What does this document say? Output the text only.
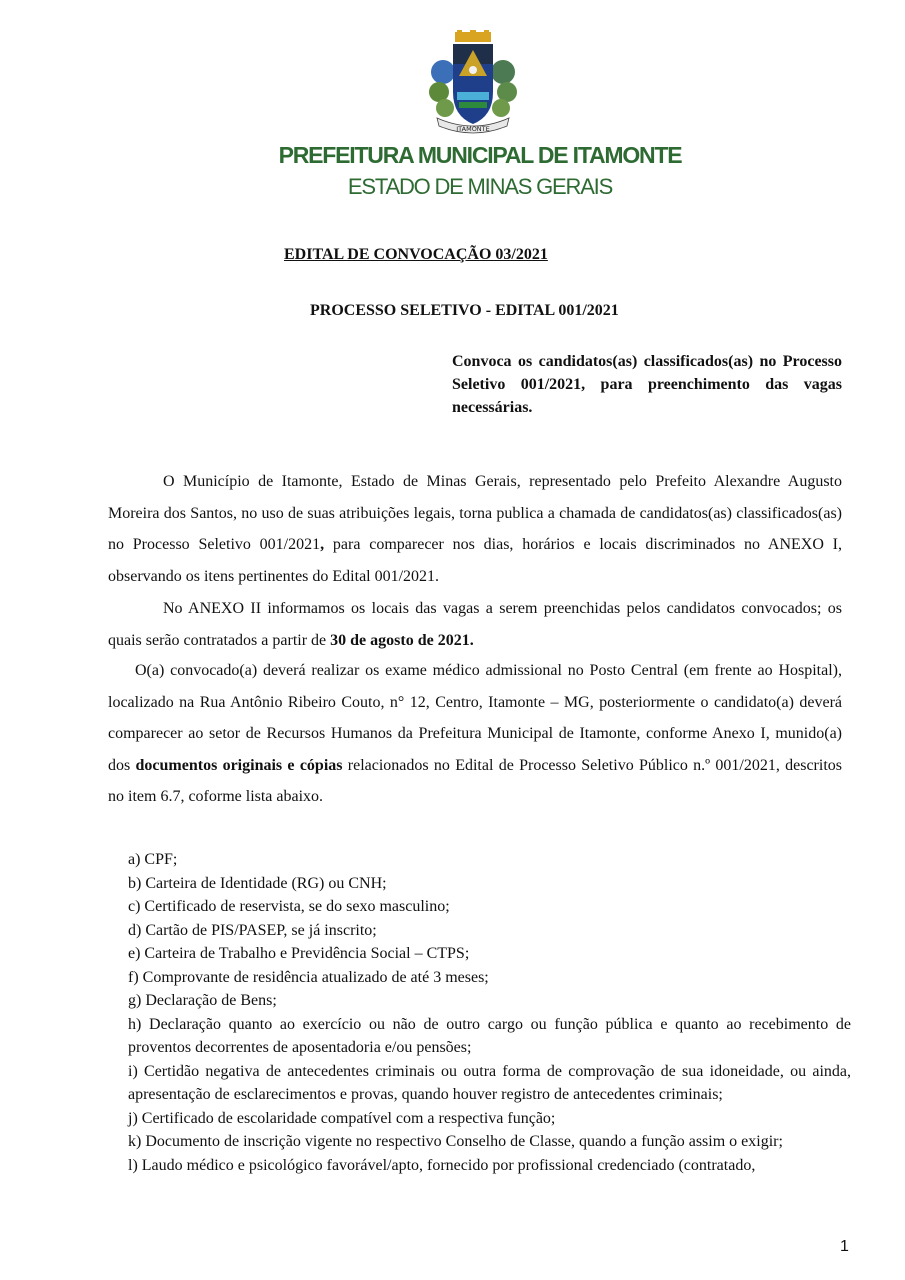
ITAMONTE
PREFEITURA MUNICIPAL DE ITAMONTE
ESTADO DE MINAS GERAIS
EDITAL DE CONVOCAÇÃO 03/2021
PROCESSO SELETIVO - EDITAL 001/2021
Convoca os candidatos(as) classificados(as) no Processo Seletivo 001/2021, para preenchimento das vagas necessárias.
O Município de Itamonte, Estado de Minas Gerais, representado pelo Prefeito Alexandre Augusto Moreira dos Santos, no uso de suas atribuições legais, torna publica a chamada de candidatos(as) classificados(as) no Processo Seletivo 001/2021, para comparecer nos dias, horários e locais discriminados no ANEXO I, observando os itens pertinentes do Edital 001/2021.
No ANEXO II informamos os locais das vagas a serem preenchidas pelos candidatos convocados; os quais serão contratados a partir de 30 de agosto de 2021.
O(a) convocado(a) deverá realizar os exame médico admissional no Posto Central (em frente ao Hospital), localizado na Rua Antônio Ribeiro Couto, n° 12, Centro, Itamonte – MG, posteriormente o candidato(a) deverá comparecer ao setor de Recursos Humanos da Prefeitura Municipal de Itamonte, conforme Anexo I, munido(a) dos documentos originais e cópias relacionados no Edital de Processo Seletivo Público n.º 001/2021, descritos no item 6.7, coforme lista abaixo.
a) CPF;
b) Carteira de Identidade (RG) ou CNH;
c) Certificado de reservista, se do sexo masculino;
d) Cartão de PIS/PASEP, se já inscrito;
e) Carteira de Trabalho e Previdência Social – CTPS;
f) Comprovante de residência atualizado de até 3 meses;
g) Declaração de Bens;
h) Declaração quanto ao exercício ou não de outro cargo ou função pública e quanto ao recebimento de proventos decorrentes de aposentadoria e/ou pensões;
i) Certidão negativa de antecedentes criminais ou outra forma de comprovação de sua idoneidade, ou ainda, apresentação de esclarecimentos e provas, quando houver registro de antecedentes criminais;
j) Certificado de escolaridade compatível com a respectiva função;
k) Documento de inscrição vigente no respectivo Conselho de Classe, quando a função assim o exigir;
l) Laudo médico e psicológico favorável/apto, fornecido por profissional credenciado (contratado,
1
